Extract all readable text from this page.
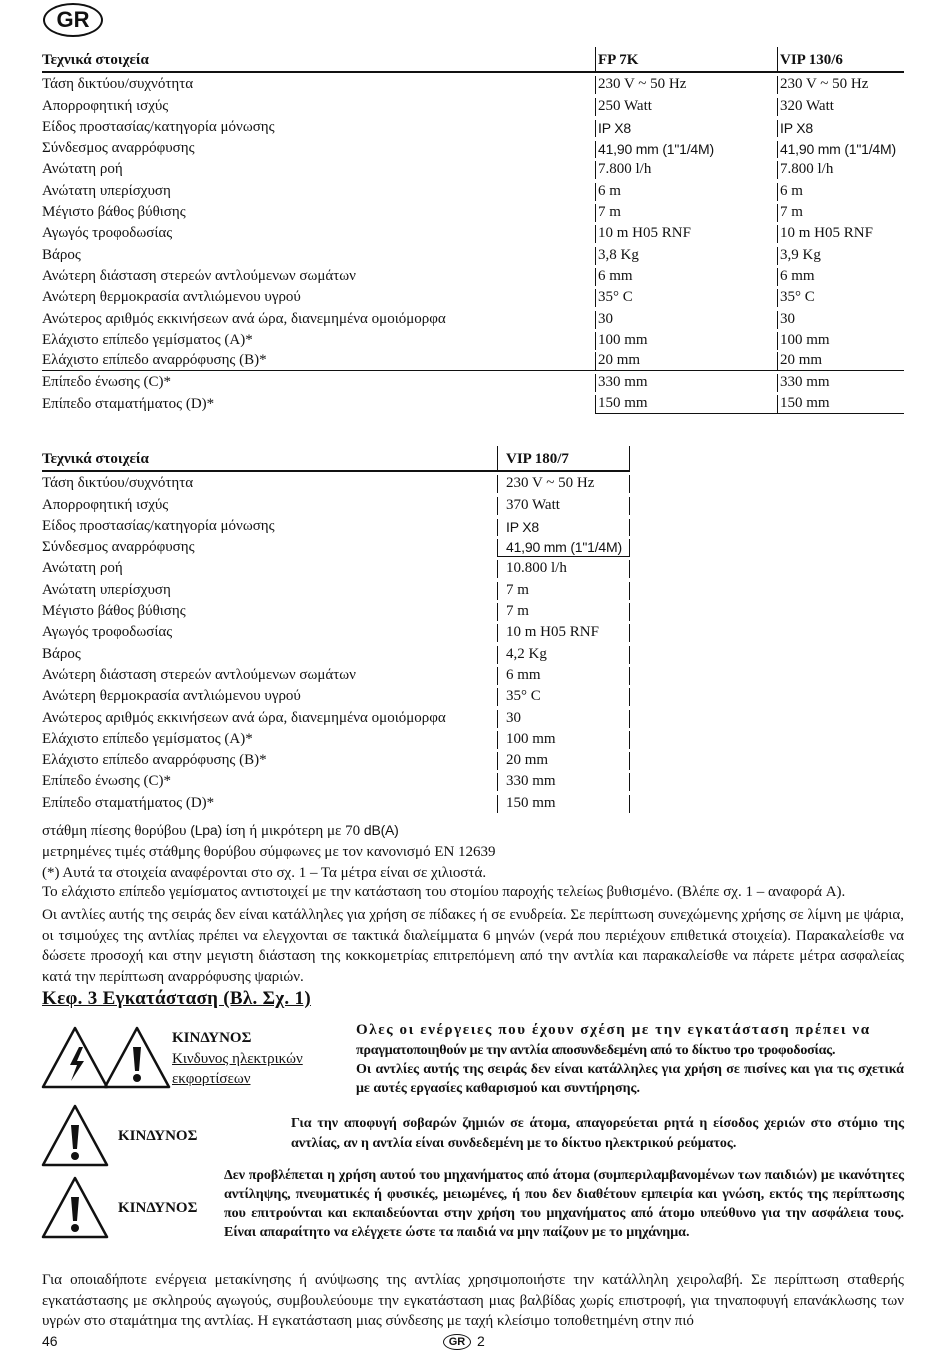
GR
Τεχνικά στοιχεία	FP 7K	VIP 130/6
Τάση δικτύου/συχνότητα	230 V ~ 50 Hz	230 V ~ 50 Hz
Απορροφητική ισχύς	250 Watt	320 Watt
Είδος προστασίας/κατηγορία μόνωσης	IP X8	IP X8
Σύνδεσμος αναρρόφυσης	41,90 mm (1"1/4M)	41,90 mm (1"1/4M)
Ανώτατη ροή	7.800 l/h	7.800 l/h
Ανώτατη υπερίσχυση	6 m	6 m
Μέγιστο βάθος βύθισης	7 m	7 m
Αγωγός τροφοδωσίας	10 m H05 RNF	10 m H05 RNF
Βάρος	3,8 Kg	3,9 Kg
Ανώτερη διάσταση στερεών αντλούμενων σωμάτων	6 mm	6 mm
Ανώτερη θερμοκρασία αντλιώμενου υγρού	35° C	35° C
Ανώτερος αριθμός εκκινήσεων ανά ώρα, διανεμημένα ομοιόμορφα	30	30
Ελάχιστο επίπεδο γεμίσματος (A)*	100 mm	100 mm
Ελάχιστο επίπεδο αναρρόφυσης (B)*	20 mm	20 mm
Επίπεδο ένωσης (C)*	330 mm	330 mm
Επίπεδο σταματήματος (D)*	150 mm	150 mm
Τεχνικά στοιχεία	VIP 180/7
Τάση δικτύου/συχνότητα	230 V ~ 50 Hz
Απορροφητική ισχύς	370 Watt
Είδος προστασίας/κατηγορία μόνωσης	IP X8
Σύνδεσμος αναρρόφυσης	41,90 mm (1"1/4M)
Ανώτατη ροή	10.800 l/h
Ανώτατη υπερίσχυση	7 m
Μέγιστο βάθος βύθισης	7 m
Αγωγός τροφοδωσίας	10 m H05 RNF
Βάρος	4,2 Kg
Ανώτερη διάσταση στερεών αντλούμενων σωμάτων	6 mm
Ανώτερη θερμοκρασία αντλιώμενου υγρού	35° C
Ανώτερος αριθμός εκκινήσεων ανά ώρα, διανεμημένα ομοιόμορφα	30
Ελάχιστο επίπεδο γεμίσματος (A)*	100 mm
Ελάχιστο επίπεδο αναρρόφυσης (B)*	20 mm
Επίπεδο ένωσης (C)*	330 mm
Επίπεδο σταματήματος (D)*	150 mm
στάθμη πίεσης θορύβου (Lpa) ίση ή μικρότερη με 70 dB(A)
μετρημένες τιμές στάθμης θορύβου σύμφωνες με τον κανονισμό EN 12639
(*) Αυτά τα στοιχεία αναφέρονται στο σχ. 1 – Τα μέτρα είναι σε χιλιοστά.
Το ελάχιστο επίπεδο γεμίσματος αντιστοιχεί με την κατάσταση του στομίου παροχής τελείως βυθισμένο. (Βλέπε σχ. 1 – αναφορά A).
Οι αντλίες αυτής της σειράς δεν είναι κατάλληλες για χρήση σε πίδακες ή σε ενυδρεία. Σε περίπτωση συνεχώμενης χρήσης σε λίμνη με ψάρια, οι τσιμούχες της αντλίας πρέπει να ελεγχονται σε τακτικά διαλείμματα 6 μηνών (νερά που περιέχουν επιθετικά στοιχεία). Παρακαλείσθε να δώσετε προσοχή και στην μεγιστη διάσταση της κοκκομετρίας επιτρεπόμενη από την αντλία και παρακαλείσθε να πάρετε μέτρα ασφαλείας κατά την περίπτωση αναρρόφυσης ψαριών.
Κεφ. 3 Εγκατάσταση (Βλ. Σχ. 1)
ΚΙΝΔΥΝΟΣ
Κινδυνος ηλεκτρικών
εκφορτίσεων
Ολες οι ενέργειες που έχουν σχέση με την εγκατάσταση πρέπει να
πραγματοποιηθούν με την αντλία αποσυνδεδεμένη από το δίκτυο τρο τροφοδοσίας.
Οι αντλίες αυτής της σειράς δεν είναι κατάλληλες για χρήση σε πισίνες και για τις σχετικά με αυτές εργασίες καθαρισμού και συντήρησης.
ΚΙΝΔΥΝΟΣ
Για την αποφυγή σοβαρών ζημιών σε άτομα, απαγορεύεται ρητά η είσοδος χεριών στο στόμιο της αντλίας, αν η αντλία είναι συνδεδεμένη με το δίκτυο ηλεκτρικού ρεύματος.
ΚΙΝΔΥΝΟΣ
Δεν προβλέπεται η χρήση αυτού του μηχανήματος από άτομα (συμπεριλαμβανομένων των παιδιών) με ικανότητες αντίληψης, πνευματικές ή φυσικές, μειωμένες, ή που δεν διαθέτουν εμπειρία και γνώση, εκτός της περίπτωσης που επιτρούνται και εκπαιδεύονται στην χρήση του μηχανήματος από άτομο υπεύθυνο για την ασφάλεια τους. Είναι απαραίτητο να ελέγχετε ώστε τα παιδιά να μην παίζουν με το μηχάνημα.
Για οποιαδήποτε ενέργεια μετακίνησης ή ανύψωσης της αντλίας χρησιμοποιήστε την κατάλληλη χειρολαβή. Σε περίπτωση σταθερής εγκατάστασης με σκληρούς αγωγούς, συμβουλεύουμε την εγκατάσταση μιας βαλβίδας χωρίς επιστροφή, για τηναποφυγή επανάκλωσης των υγρών στο σταμάτημα της αντλίας. Η εγκατάσταση μιας σύνδεσης με ταχή κλείσιμο τοποθετημένη στην πιό
46	GR 2
